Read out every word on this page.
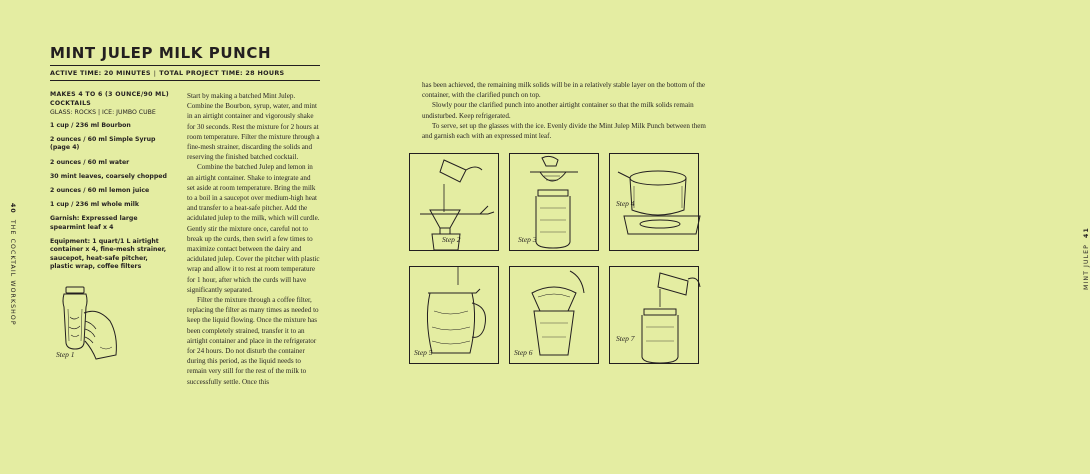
MINT JULEP MILK PUNCH
ACTIVE TIME: 20 MINUTES | TOTAL PROJECT TIME: 28 HOURS
MAKES 4 TO 6 (3 OUNCE/90 ML) COCKTAILS
GLASS: ROCKS | ICE: JUMBO CUBE
1 cup / 236 ml Bourbon
2 ounces / 60 ml Simple Syrup (page 4)
2 ounces / 60 ml water
30 mint leaves, coarsely chopped
2 ounces / 60 ml lemon juice
1 cup / 236 ml whole milk
Garnish: Expressed large spearmint leaf x 4
Equipment: 1 quart/1 L airtight container x 4, fine-mesh strainer, saucepot, heat-safe pitcher, plastic wrap, coffee filters
Step 1

Start by making a batched Mint Julep. Combine the Bourbon, syrup, water, and mint in an airtight container and vigorously shake for 30 seconds. Rest the mixture for 2 hours at room temperature. Filter the mixture through a fine-mesh strainer, discarding the solids and reserving the finished batched cocktail.

Combine the batched Julep and lemon in an airtight container. Shake to integrate and set aside at room temperature. Bring the milk to a boil in a saucepot over medium-high heat and transfer to a heat-safe pitcher. Add the acidulated julep to the milk, which will curdle. Gently stir the mixture once, careful not to break up the curds, then swirl a few times to maximize contact between the dairy and acidulated julep. Cover the pitcher with plastic wrap and allow it to rest at room temperature for 1 hour, after which the curds will have significantly separated.

Filter the mixture through a coffee filter, replacing the filter as many times as needed to keep the liquid flowing. Once the mixture has been completely strained, transfer it to an airtight container and place in the refrigerator for 24 hours. Do not disturb the container during this period, as the liquid needs to remain very still for the rest of the milk to successfully settle. Once this

40 THE COCKTAIL WORKSHOP

has been achieved, the remaining milk solids will be in a relatively stable layer on the bottom of the container, with the clarified punch on top.

Slowly pour the clarified punch into another airtight container so that the milk solids remain undisturbed. Keep refrigerated.

To serve, set up the glasses with the ice. Evenly divide the Mint Julep Milk Punch between them and garnish each with an expressed mint leaf.

Step 2	Step 3
Step 4
Step 5	Step 6
Step 7
MINT JULEP 41
